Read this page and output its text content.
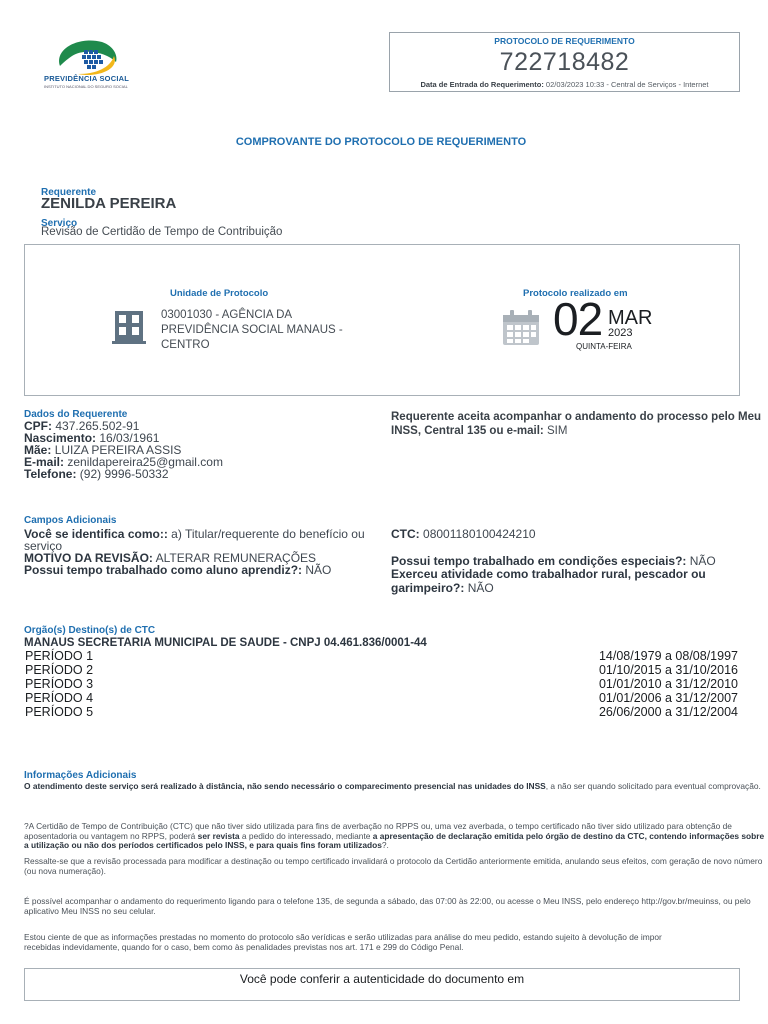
PREVIDÊNCIA SOCIAL
INSTITUTO NACIONAL DO SEGURO SOCIAL
PROTOCOLO DE REQUERIMENTO
722718482
Data de Entrada do Requerimento: 02/03/2023 10:33 - Central de Serviços - Internet
COMPROVANTE DO PROTOCOLO DE REQUERIMENTO
Requerente
ZENILDA PEREIRA
Serviço
Revisão de Certidão de Tempo de Contribuição
Unidade de Protocolo
03001030 - AGÊNCIA DA PREVIDÊNCIA SOCIAL MANAUS - CENTRO
Protocolo realizado em
02 MAR
2023
QUINTA-FEIRA
Dados do Requerente
CPF: 437.265.502-91
Nascimento: 16/03/1961
Mãe: LUIZA PEREIRA ASSIS
E-mail: zenildapereira25@gmail.com
Telefone: (92) 9996-50332
Requerente aceita acompanhar o andamento do processo pelo Meu INSS, Central 135 ou e-mail: SIM
Campos Adicionais
Você se identifica como:: a) Titular/requerente do benefício ou serviço
MOTIVO DA REVISÃO: ALTERAR REMUNERAÇÕES
Possui tempo trabalhado como aluno aprendiz?: NÃO
CTC: 08001180100424210
Possui tempo trabalhado em condições especiais?: NÃO
Exerceu atividade como trabalhador rural, pescador ou garimpeiro?: NÃO
Orgão(s) Destino(s) de CTC
MANAUS SECRETARIA MUNICIPAL DE SAUDE - CNPJ 04.461.836/0001-44
PERÍODO 1	14/08/1979 a 08/08/1997
PERÍODO 2	01/10/2015 a 31/10/2016
PERÍODO 3	01/01/2010 a 31/12/2010
PERÍODO 4	01/01/2006 a 31/12/2007
PERÍODO 5	26/06/2000 a 31/12/2004
Informações Adicionais
O atendimento deste serviço será realizado à distância, não sendo necessário o comparecimento presencial nas unidades do INSS, a não ser quando solicitado para eventual comprovação.
?A Certidão de Tempo de Contribuição (CTC) que não tiver sido utilizada para fins de averbação no RPPS ou, uma vez averbada, o tempo certificado não tiver sido utilizado para obtenção de aposentadoria ou vantagem no RPPS, poderá ser revista a pedido do interessado, mediante a apresentação de declaração emitida pelo órgão de destino da CTC, contendo informações sobre a utilização ou não dos períodos certificados pelo INSS, e para quais fins foram utilizados?.
Ressalte-se que a revisão processada para modificar a destinação ou tempo certificado invalidará o protocolo da Certidão anteriormente emitida, anulando seus efeitos, com geração de novo número (ou nova numeração).
É possível acompanhar o andamento do requerimento ligando para o telefone 135, de segunda a sábado, das 07:00 às 22:00, ou acesse o Meu INSS, pelo endereço http://gov.br/meuinss, ou pelo aplicativo Meu INSS no seu celular.
Estou ciente de que as informações prestadas no momento do protocolo são verídicas e serão utilizadas para análise do meu pedido, estando sujeito à devolução de impor
recebidas indevidamente, quando for o caso, bem como às penalidades previstas nos art. 171 e 299 do Código Penal.
Você pode conferir a autenticidade do documento em
